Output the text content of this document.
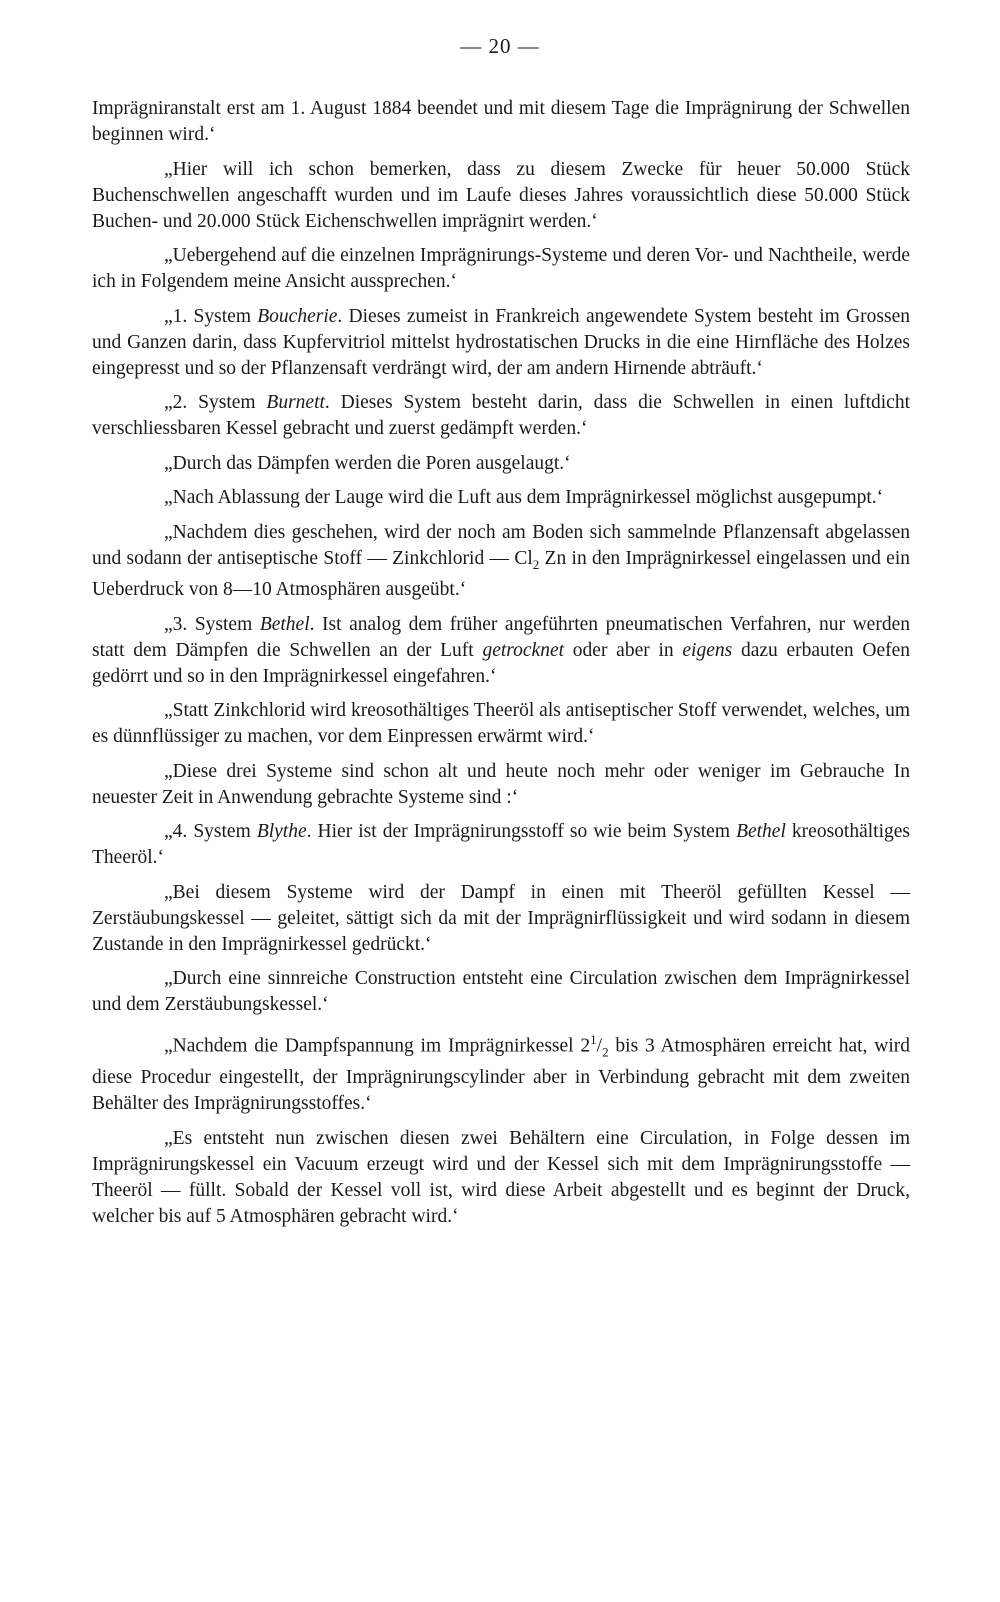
— 20 —

Imprägniranstalt erst am 1. August 1884 beendet und mit diesem Tage die Imprägnirung der Schwellen beginnen wird.‘

„Hier will ich schon bemerken, dass zu diesem Zwecke für heuer 50.000 Stück Buchenschwellen angeschafft wurden und im Laufe dieses Jahres voraussichtlich diese 50.000 Stück Buchen- und 20.000 Stück Eichenschwellen imprägnirt werden.‘

„Uebergehend auf die einzelnen Imprägnirungs-Systeme und deren Vor- und Nachtheile, werde ich in Folgendem meine Ansicht aussprechen.‘

„1. System Boucherie. Dieses zumeist in Frankreich angewendete System besteht im Grossen und Ganzen darin, dass Kupfervitriol mittelst hydrostatischen Drucks in die eine Hirnfläche des Holzes eingepresst und so der Pflanzensaft verdrängt wird, der am andern Hirnende abträuft.‘

„2. System Burnett. Dieses System besteht darin, dass die Schwellen in einen luftdicht verschliessbaren Kessel gebracht und zuerst gedämpft werden.‘

„Durch das Dämpfen werden die Poren ausgelaugt.‘

„Nach Ablassung der Lauge wird die Luft aus dem Imprägnirkessel möglichst ausgepumpt.‘

„Nachdem dies geschehen, wird der noch am Boden sich sammelnde Pflanzensaft abgelassen und sodann der antiseptische Stoff — Zinkchlorid — $Cl_2$ Zn in den Imprägnirkessel eingelassen und ein Ueberdruck von 8—10 Atmosphären ausgeübt.‘

„3. System Bethel. Ist analog dem früher angeführten pneumatischen Verfahren, nur werden statt dem Dämpfen die Schwellen an der Luft getrocknet oder aber in eigens dazu erbauten Oefen gedörrt und so in den Imprägnirkessel eingefahren.‘

„Statt Zinkchlorid wird kreosothältiges Theeröl als antiseptischer Stoff verwendet, welches, um es dünnflüssiger zu machen, vor dem Einpressen erwärmt wird.‘

„Diese drei Systeme sind schon alt und heute noch mehr oder weniger im Gebrauche In neuester Zeit in Anwendung gebrachte Systeme sind :‘

„4. System Blythe. Hier ist der Imprägnirungsstoff so wie beim System Bethel kreosothältiges Theeröl.‘

„Bei diesem Systeme wird der Dampf in einen mit Theeröl gefüllten Kessel — Zerstäubungskessel — geleitet, sättigt sich da mit der Imprägnirflüssigkeit und wird sodann in diesem Zustande in den Imprägnirkessel gedrückt.‘

„Durch eine sinnreiche Construction entsteht eine Circulation zwischen dem Imprägnirkessel und dem Zerstäubungskessel.‘

„Nachdem die Dampfspannung im Imprägnirkessel $2^1/_2$ bis 3 Atmosphären erreicht hat, wird diese Procedur eingestellt, der Imprägnirungscylinder aber in Verbindung gebracht mit dem zweiten Behälter des Imprägnirungsstoffes.‘

„Es entsteht nun zwischen diesen zwei Behältern eine Circulation, in Folge dessen im Imprägnirungskessel ein Vacuum erzeugt wird und der Kessel sich mit dem Imprägnirungsstoffe — Theeröl — füllt. Sobald der Kessel voll ist, wird diese Arbeit abgestellt und es beginnt der Druck, welcher bis auf 5 Atmosphären gebracht wird.‘
